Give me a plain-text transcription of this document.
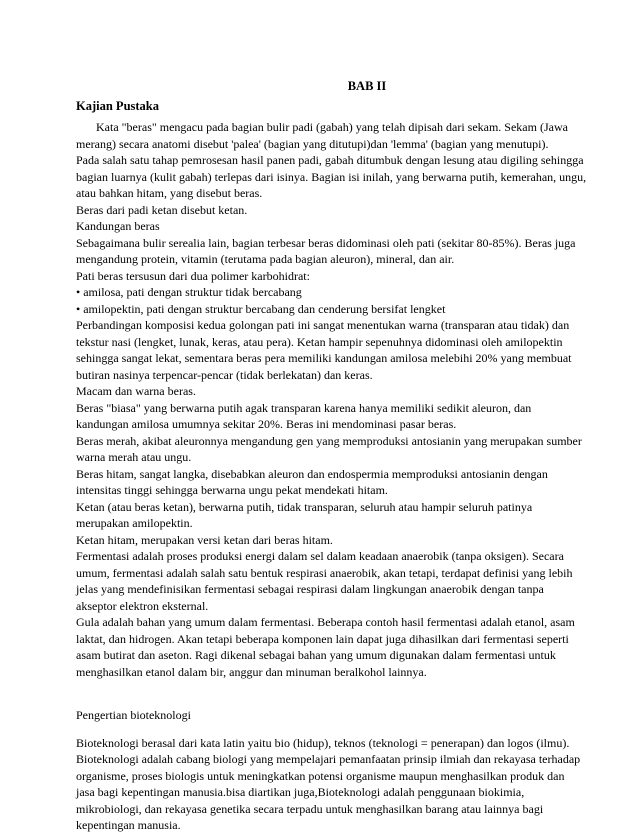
BAB II
Kajian Pustaka
Kata "beras" mengacu pada bagian bulir padi (gabah) yang telah dipisah dari sekam. Sekam (Jawa
merang) secara anatomi disebut 'palea' (bagian yang ditutupi)dan 'lemma' (bagian yang menutupi).
Pada salah satu tahap pemrosesan hasil panen padi, gabah ditumbuk dengan lesung atau digiling sehingga
bagian luarnya (kulit gabah) terlepas dari isinya. Bagian isi inilah, yang berwarna putih, kemerahan, ungu,
atau bahkan hitam, yang disebut beras.
Beras dari padi ketan disebut ketan.
Kandungan beras
Sebagaimana bulir serealia lain, bagian terbesar beras didominasi oleh pati (sekitar 80-85%). Beras juga
mengandung protein, vitamin (terutama pada bagian aleuron), mineral, dan air.
Pati beras tersusun dari dua polimer karbohidrat:
• amilosa, pati dengan struktur tidak bercabang
• amilopektin, pati dengan struktur bercabang dan cenderung bersifat lengket
Perbandingan komposisi kedua golongan pati ini sangat menentukan warna (transparan atau tidak) dan
tekstur nasi (lengket, lunak, keras, atau pera). Ketan hampir sepenuhnya didominasi oleh amilopektin
sehingga sangat lekat, sementara beras pera memiliki kandungan amilosa melebihi 20% yang membuat
butiran nasinya terpencar-pencar (tidak berlekatan) dan keras.
Macam dan warna beras.
Beras "biasa" yang berwarna putih agak transparan karena hanya memiliki sedikit aleuron, dan
kandungan amilosa umumnya sekitar 20%. Beras ini mendominasi pasar beras.
Beras merah, akibat aleuronnya mengandung gen yang memproduksi antosianin yang merupakan sumber
warna merah atau ungu.
Beras hitam, sangat langka, disebabkan aleuron dan endospermia memproduksi antosianin dengan
intensitas tinggi sehingga berwarna ungu pekat mendekati hitam.
Ketan (atau beras ketan), berwarna putih, tidak transparan, seluruh atau hampir seluruh patinya
merupakan amilopektin.
Ketan hitam, merupakan versi ketan dari beras hitam.
Fermentasi adalah proses produksi energi dalam sel dalam keadaan anaerobik (tanpa oksigen). Secara
umum, fermentasi adalah salah satu bentuk respirasi anaerobik, akan tetapi, terdapat definisi yang lebih
jelas yang mendefinisikan fermentasi sebagai respirasi dalam lingkungan anaerobik dengan tanpa
akseptor elektron eksternal.
Gula adalah bahan yang umum dalam fermentasi. Beberapa contoh hasil fermentasi adalah etanol, asam
laktat, dan hidrogen. Akan tetapi beberapa komponen lain dapat juga dihasilkan dari fermentasi seperti
asam butirat dan aseton. Ragi dikenal sebagai bahan yang umum digunakan dalam fermentasi untuk
menghasilkan etanol dalam bir, anggur dan minuman beralkohol lainnya.
Pengertian bioteknologi
Bioteknologi berasal dari kata latin yaitu bio (hidup), teknos (teknologi = penerapan) dan logos (ilmu).
Bioteknologi adalah cabang biologi yang mempelajari pemanfaatan prinsip ilmiah dan rekayasa terhadap
organisme, proses biologis untuk meningkatkan potensi organisme maupun menghasilkan produk dan
jasa bagi kepentingan manusia.bisa diartikan juga,Bioteknologi adalah penggunaan biokimia,
mikrobiologi, dan rekayasa genetika secara terpadu untuk menghasilkan barang atau lainnya bagi
kepentingan manusia.
